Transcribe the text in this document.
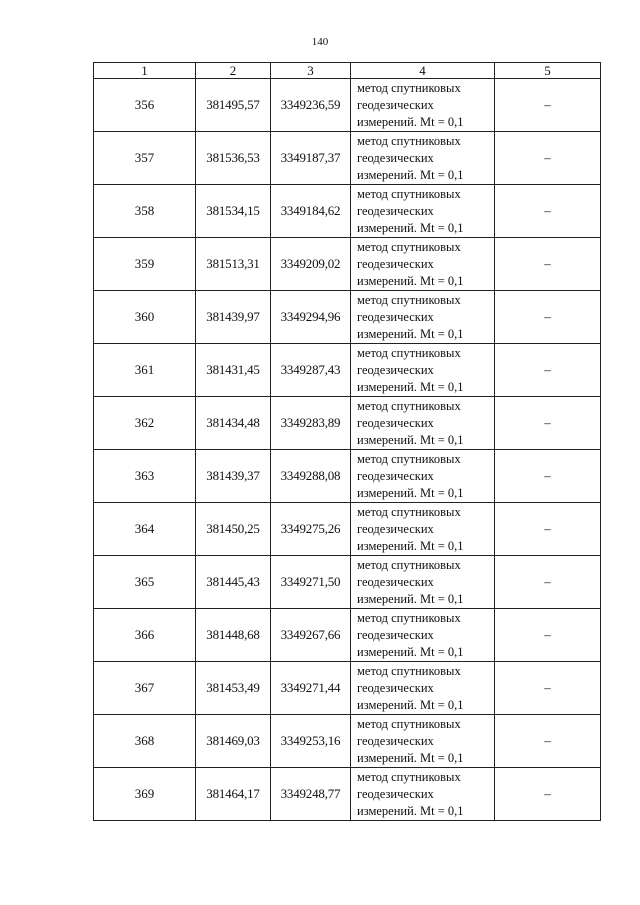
140
1	2	3	4	5
356	381495,57	3349236,59	метод спутниковых
геодезических
измерений. Mt = 0,1	–
357	381536,53	3349187,37	метод спутниковых
геодезических
измерений. Mt = 0,1	–
358	381534,15	3349184,62	метод спутниковых
геодезических
измерений. Mt = 0,1	–
359	381513,31	3349209,02	метод спутниковых
геодезических
измерений. Mt = 0,1	–
360	381439,97	3349294,96	метод спутниковых
геодезических
измерений. Mt = 0,1	–
361	381431,45	3349287,43	метод спутниковых
геодезических
измерений. Mt = 0,1	–
362	381434,48	3349283,89	метод спутниковых
геодезических
измерений. Mt = 0,1	–
363	381439,37	3349288,08	метод спутниковых
геодезических
измерений. Mt = 0,1	–
364	381450,25	3349275,26	метод спутниковых
геодезических
измерений. Mt = 0,1	–
365	381445,43	3349271,50	метод спутниковых
геодезических
измерений. Mt = 0,1	–
366	381448,68	3349267,66	метод спутниковых
геодезических
измерений. Mt = 0,1	–
367	381453,49	3349271,44	метод спутниковых
геодезических
измерений. Mt = 0,1	–
368	381469,03	3349253,16	метод спутниковых
геодезических
измерений. Mt = 0,1	–
369	381464,17	3349248,77	метод спутниковых
геодезических
измерений. Mt = 0,1	–
